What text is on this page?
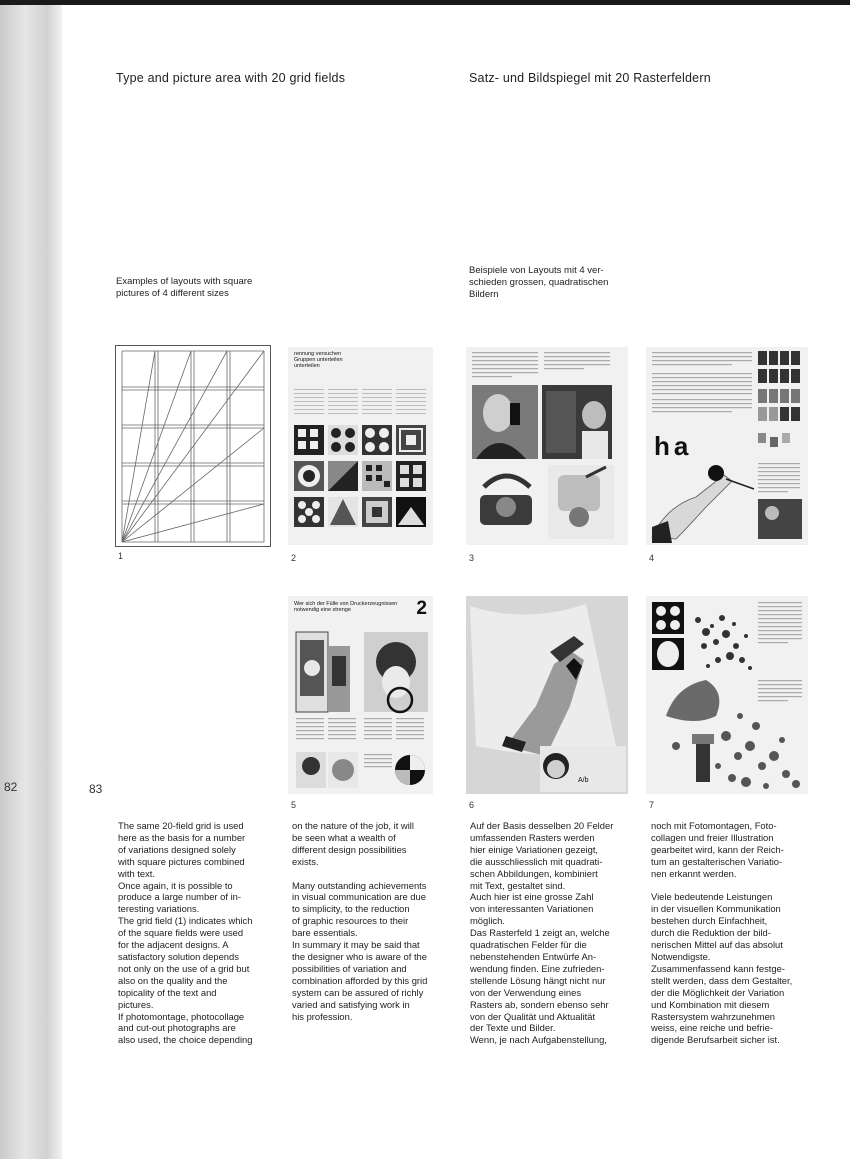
82	83
Type and picture area with 20 grid fields	Satz- und Bildspiegel mit 20 Rasterfeldern
Examples of layouts with square
pictures of 4 different sizes
Beispiele von Layouts mit 4 ver-
schieden grossen, quadratischen
Bildern
1
rennung versuchen
Gruppen unterteilen
unterteilen
2	3
ha
4
Wer sich der Fülle von Druckerzeugnissen
notwendig eine strenge	2
5
A/b
6	7
The same 20-field grid is used
here as the basis for a number
of variations designed solely
with square pictures combined
with text.
Once again, it is possible to
produce a large number of in-
teresting variations.
The grid field (1) indicates which
of the square fields were used
for the adjacent designs. A
satisfactory solution depends
not only on the use of a grid but
also on the quality and the
topicality of the text and
pictures.
If photomontage, photocollage
and cut-out photographs are
also used, the choice depending
on the nature of the job, it will
be seen what a wealth of
different design possibilities
exists.

Many outstanding achievements
in visual communication are due
to simplicity, to the reduction
of graphic resources to their
bare essentials.
In summary it may be said that
the designer who is aware of the
possibilities of variation and
combination afforded by this grid
system can be assured of richly
varied and satisfying work in
his profession.
Auf der Basis desselben 20 Felder
umfassenden Rasters werden
hier einige Variationen gezeigt,
die ausschliesslich mit quadrati-
schen Abbildungen, kombiniert
mit Text, gestaltet sind.
Auch hier ist eine grosse Zahl
von interessanten Variationen
möglich.
Das Rasterfeld 1 zeigt an, welche
quadratischen Felder für die
nebenstehenden Entwürfe An-
wendung finden. Eine zufrieden-
stellende Lösung hängt nicht nur
von der Verwendung eines
Rasters ab, sondern ebenso sehr
von der Qualität und Aktualität
der Texte und Bilder.
Wenn, je nach Aufgabenstellung,
noch mit Fotomontagen, Foto-
collagen und freier Illustration
gearbeitet wird, kann der Reich-
tum an gestalterischen Variatio-
nen erkannt werden.

Viele bedeutende Leistungen
in der visuellen Kommunikation
bestehen durch Einfachheit,
durch die Reduktion der bild-
nerischen Mittel auf das absolut
Notwendigste.
Zusammenfassend kann festge-
stellt werden, dass dem Gestalter,
der die Möglichkeit der Variation
und Kombination mit diesem
Rastersystem wahrzunehmen
weiss, eine reiche und befrie-
digende Berufsarbeit sicher ist.
